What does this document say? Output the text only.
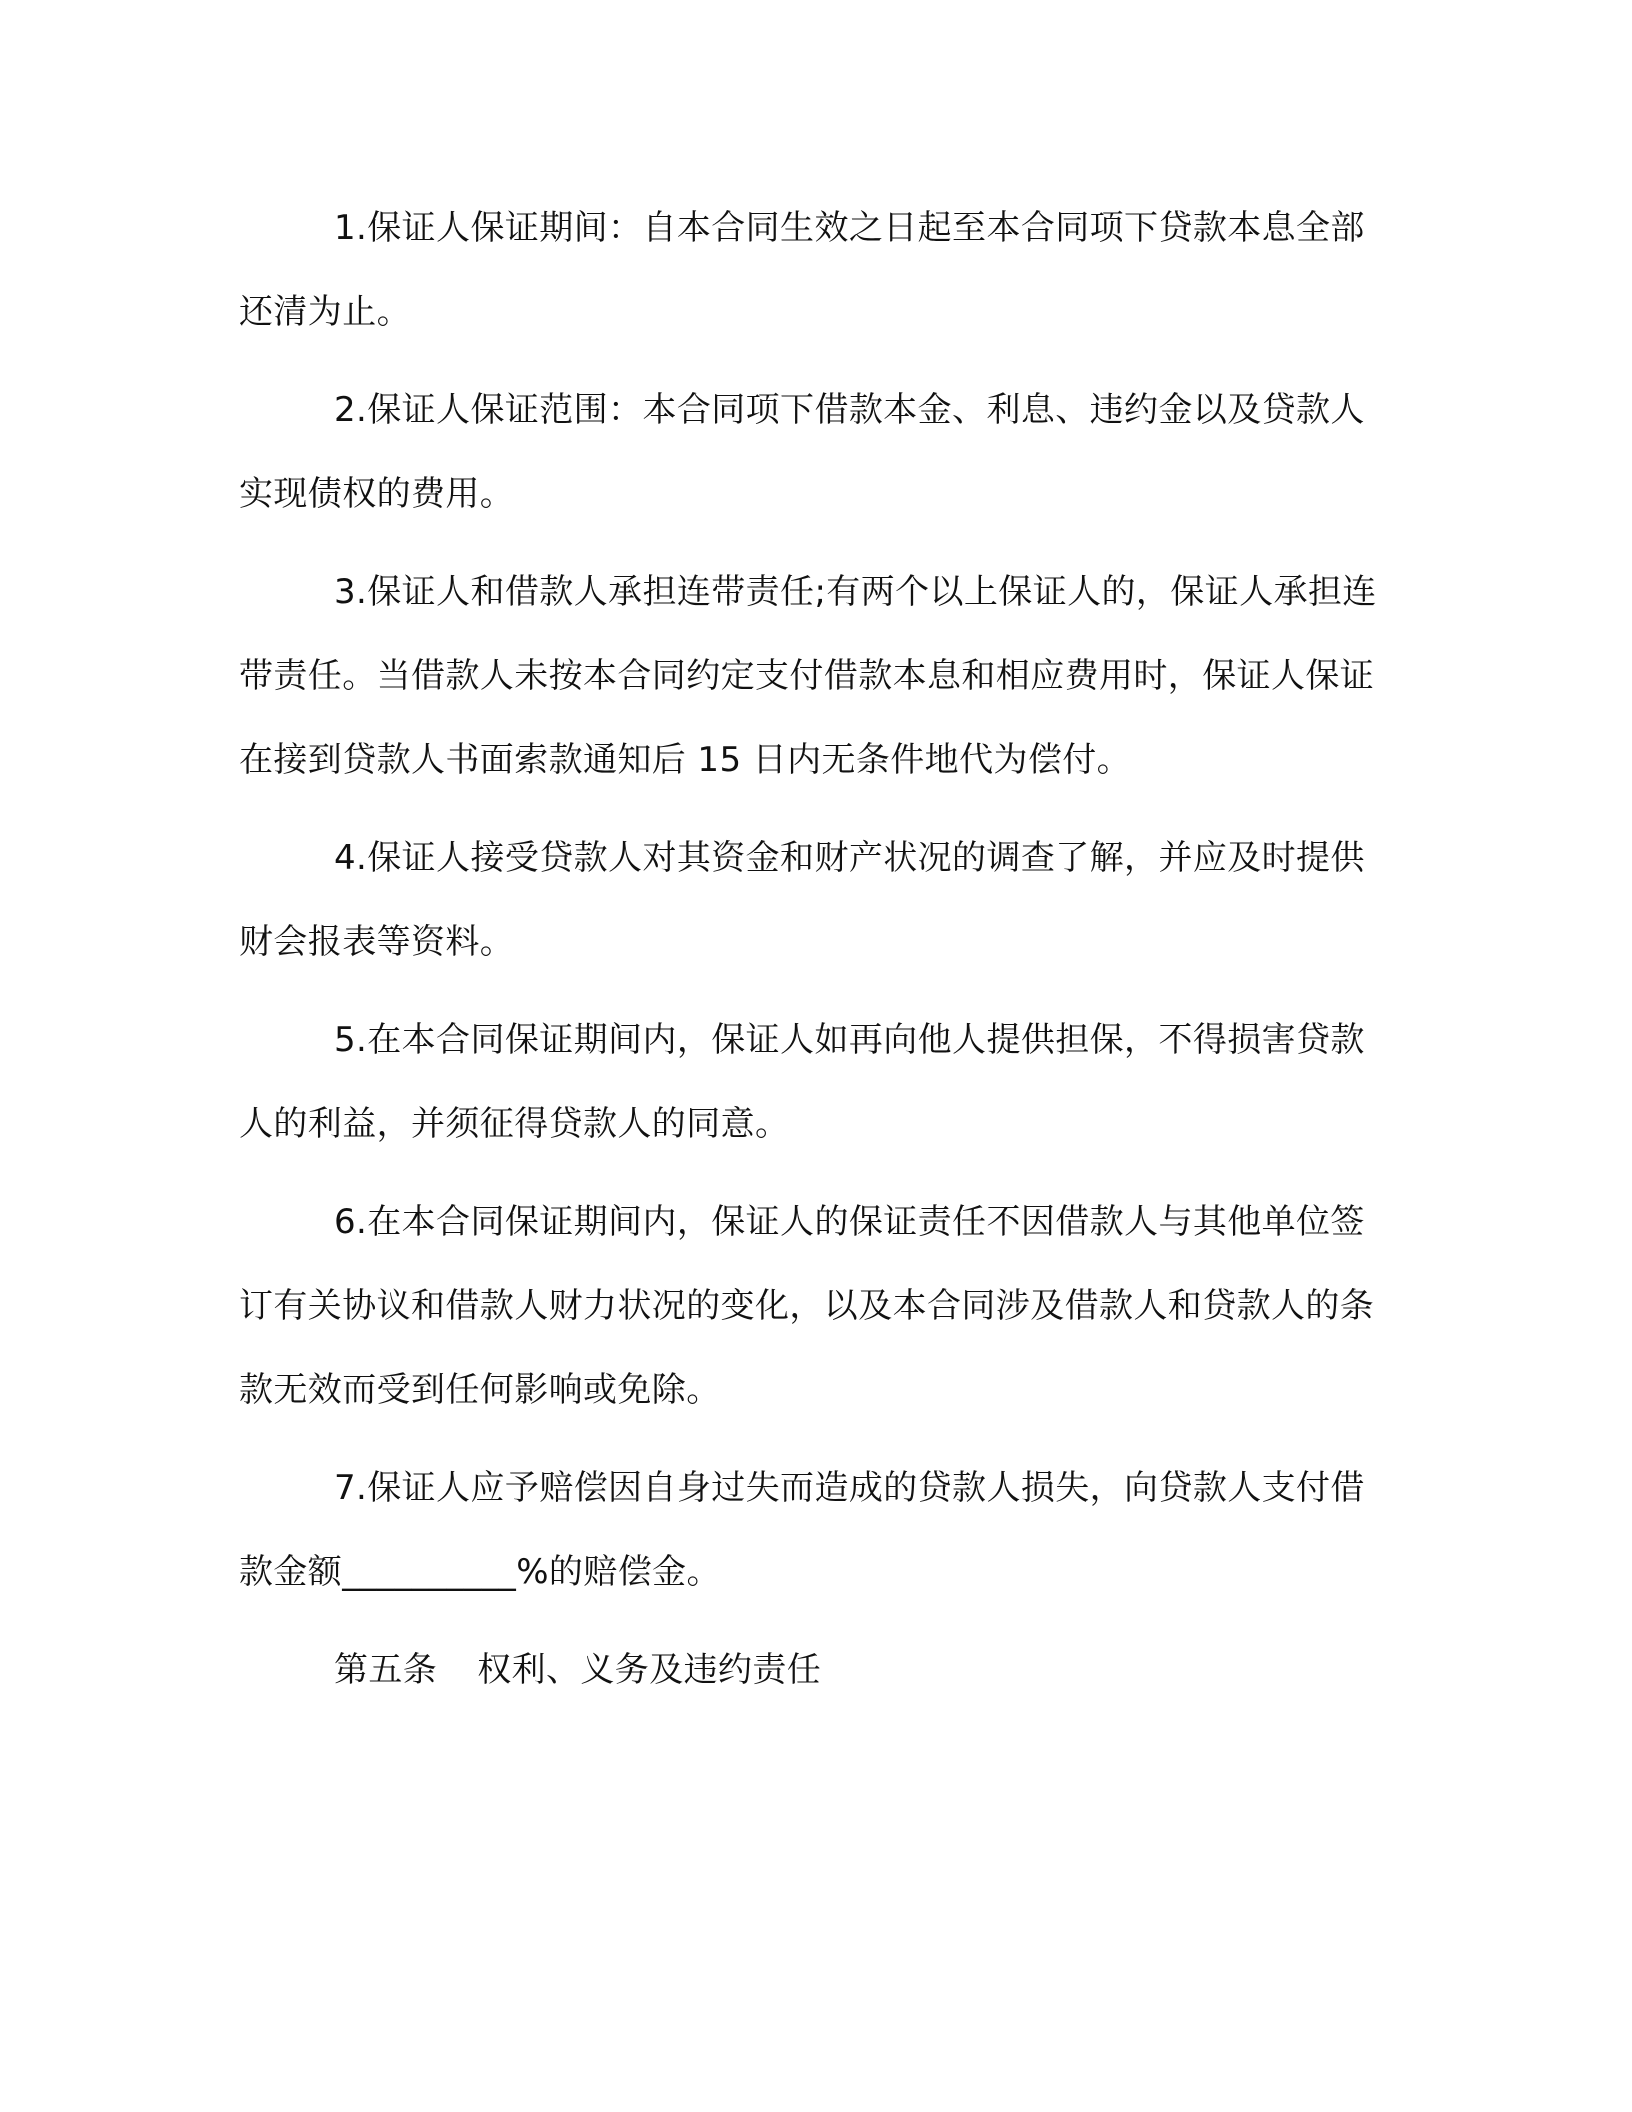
1.保证人保证期间：自本合同生效之日起至本合同项下贷款本息全部还清为止。

2.保证人保证范围：本合同项下借款本金、利息、违约金以及贷款人实现债权的费用。

3.保证人和借款人承担连带责任;有两个以上保证人的，保证人承担连带责任。当借款人未按本合同约定支付借款本息和相应费用时，保证人保证在接到贷款人书面索款通知后 15 日内无条件地代为偿付。

4.保证人接受贷款人对其资金和财产状况的调查了解，并应及时提供财会报表等资料。

5.在本合同保证期间内，保证人如再向他人提供担保，不得损害贷款人的利益，并须征得贷款人的同意。

6.在本合同保证期间内，保证人的保证责任不因借款人与其他单位签订有关协议和借款人财力状况的变化，以及本合同涉及借款人和贷款人的条款无效而受到任何影响或免除。

7.保证人应予赔偿因自身过失而造成的贷款人损失，向贷款人支付借款金额__________%的赔偿金。

第五条 权利、义务及违约责任
